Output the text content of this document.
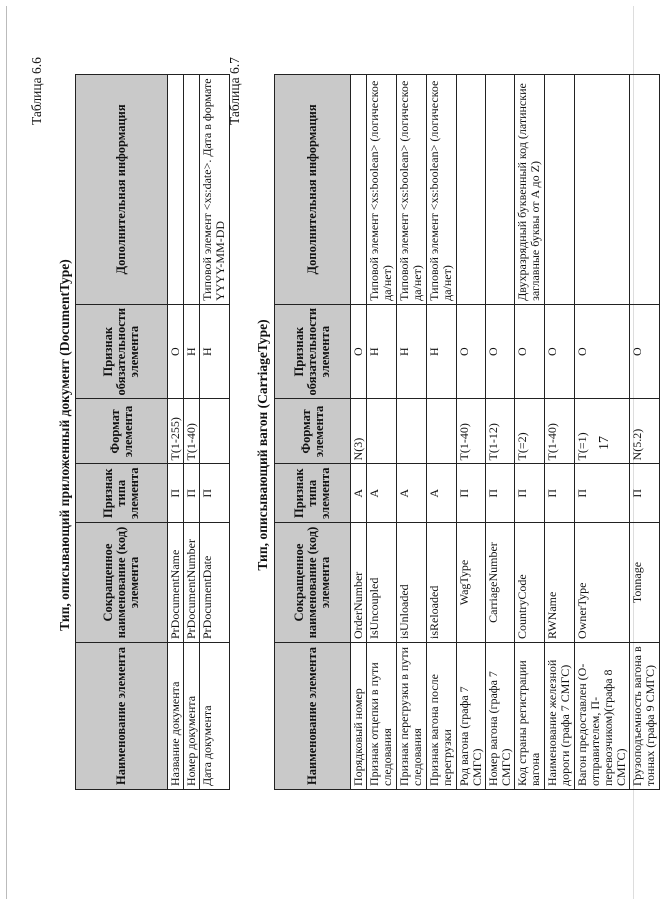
17
Таблица 6.6
Тип, описывающий приложенный документ (DocumentType)
Наименование элемента	Сокращенное наименование (код) элемента	Признак типа элемента	Формат элемента	Признак обязательности элемента	Дополнительная информация
Название документа	PrDocumentName	П	T(1-255)	О	
Номер документа	PrDocumentNumber	П	T(1-40)	Н	
Дата документа	PrDocumentDate	П		Н	Типовой элемент <xs:date>. Дата в формате YYYY-MM-DD
Таблица 6.7
Тип, описывающий вагон (CarriageType)
Наименование элемента	Сокращенное наименование (код) элемента	Признак типа элемента	Формат элемента	Признак обязательности элемента	Дополнительная информация
Порядковый номер	OrderNumber	А	N(3)	О	
Признак отцепки в пути следования	IsUncoupled	А		Н	Типовой элемент <xs:boolean> (логическое да/нет)
Признак перегрузки в пути следования	isUnloaded	А		Н	Типовой элемент <xs:boolean> (логическое да/нет)
Признак вагона после перегрузки	isReloaded	А		Н	Типовой элемент <xs:boolean> (логическое да/нет)
Род вагона (графа 7 СМГС)	WagType	П	T(1-40)	О	
Номер вагона (графа 7 СМГС)	CarriageNumber	П	T(1-12)	О	
Код страны регистрации вагона	CountryCode	П	T(=2)	О	Двухразрядный буквенный код (латинские заглавные буквы от A до Z)
Наименование железной дороги (графа 7 СМГС)	RWName	П	T(1-40)	О	
Вагон предоставлен (О- отправителем, П- перевозчиком)(графа 8 СМГС)	OwnerType	П	T(=1)	О	
Грузоподъемность вагона в тоннах (графа 9 СМГС)	Tonnage	П	N(5.2)	О	
